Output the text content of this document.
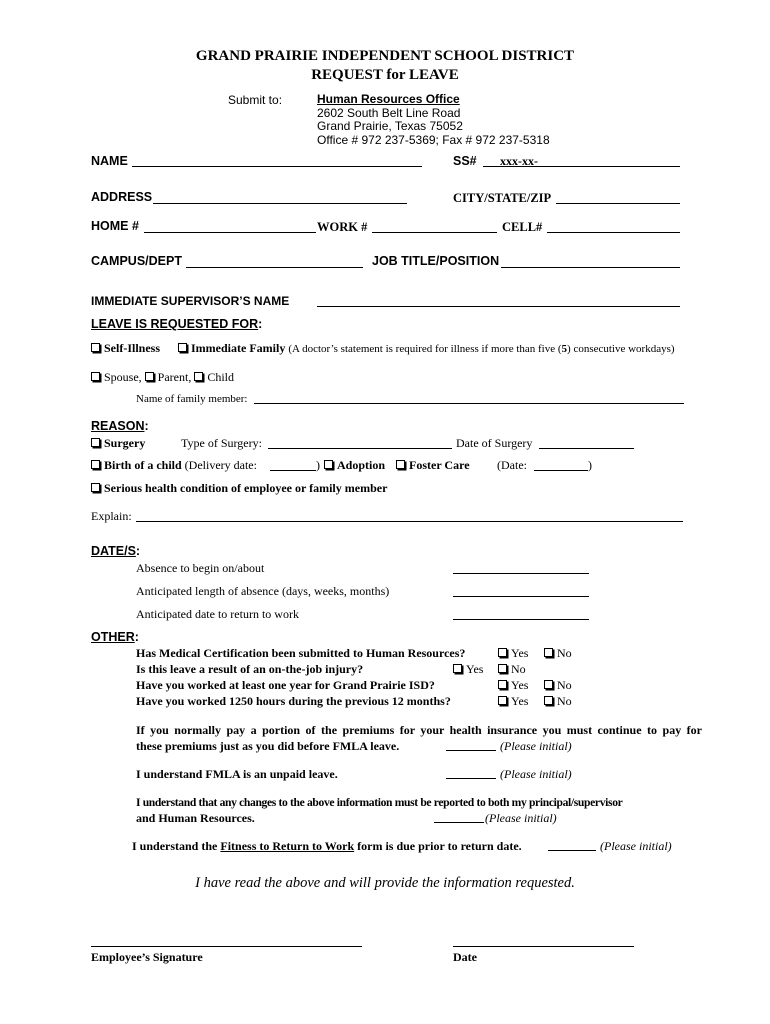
GRAND PRAIRIE INDEPENDENT SCHOOL DISTRICT
REQUEST for LEAVE
Submit to:	Human Resources Office
2602 South Belt Line Road
Grand Prairie, Texas 75052
Office # 972 237-5369; Fax # 972 237-5318
NAME	SS# xxx-xx-
ADDRESS	CITY/STATE/ZIP
HOME #	WORK #	CELL#
CAMPUS/DEPT	JOB TITLE/POSITION
IMMEDIATE SUPERVISOR’S NAME
LEAVE IS REQUESTED FOR:
Self-Illness	Immediate Family (A doctor’s statement is required for illness if more than five (5) consecutive workdays)
Spouse, Parent, Child
Name of family member:
REASON:
Surgery	Type of Surgery:	Date of Surgery
Birth of a child (Delivery date:	)	Adoption	Foster Care (Date:	)
Serious health condition of employee or family member
Explain:
DATE/S:
Absence to begin on/about
Anticipated length of absence (days, weeks, months)
Anticipated date to return to work
OTHER:
Has Medical Certification been submitted to Human Resources?	Yes	No
Is this leave a result of an on-the-job injury?	Yes	No
Have you worked at least one year for Grand Prairie ISD?	Yes	No
Have you worked 1250 hours during the previous 12 months?	Yes	No
If you normally pay a portion of the premiums for your health insurance you must continue to pay for
these premiums just as you did before FMLA leave.	(Please initial)
I understand FMLA is an unpaid leave.	(Please initial)
I understand that any changes to the above information must be reported to both my principal/supervisor
and Human Resources.	(Please initial)
I understand the Fitness to Return to Work form is due prior to return date.	(Please initial)
I have read the above and will provide the information requested.
Employee’s Signature	Date
